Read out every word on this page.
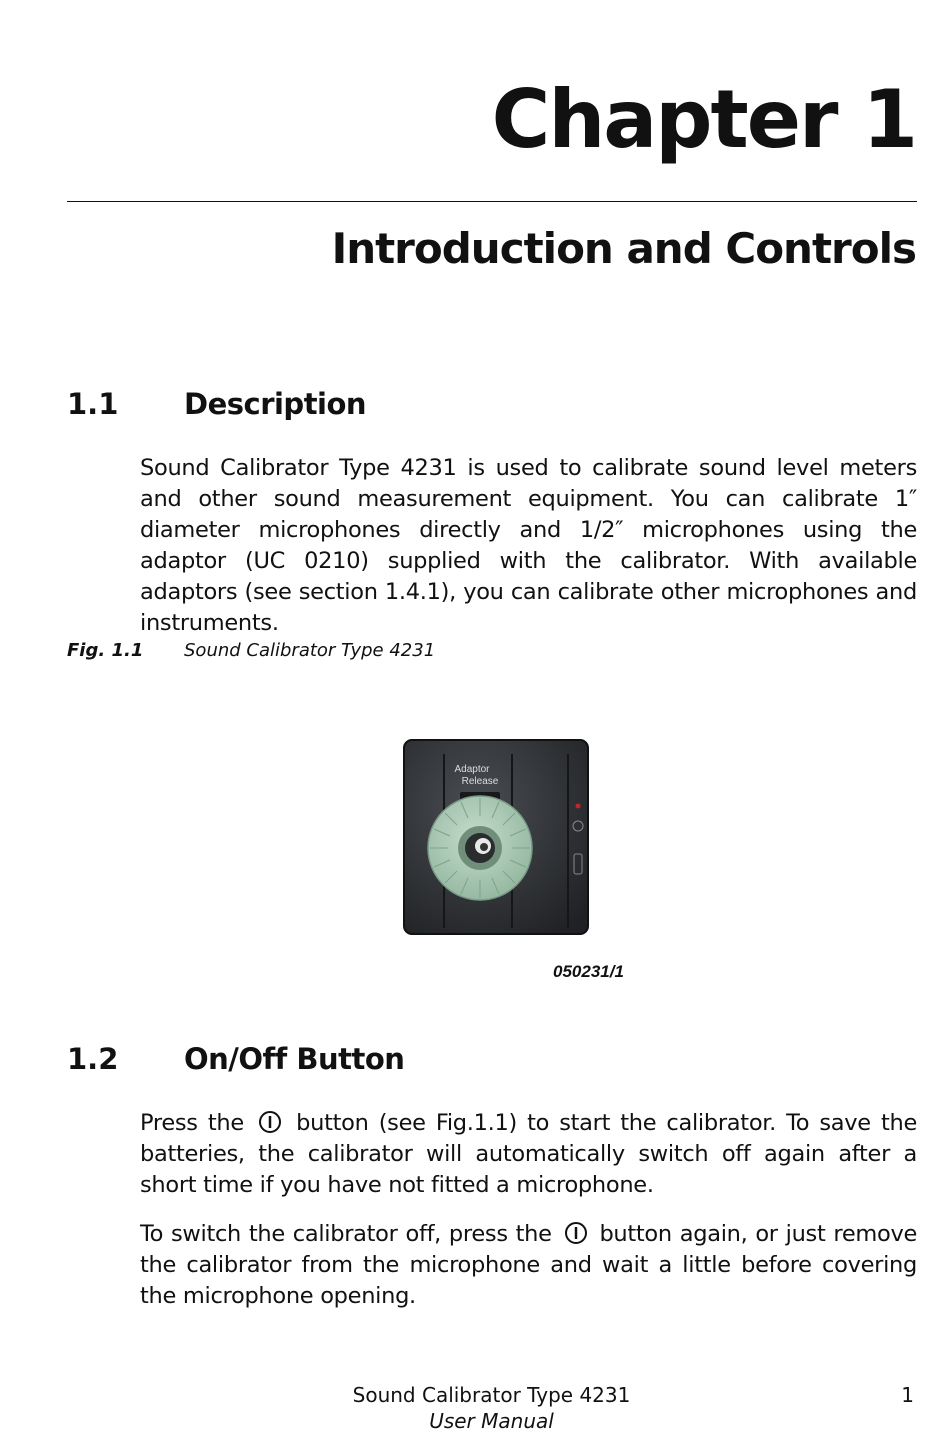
Chapter 1
Introduction and Controls
1.1 Description
Sound Calibrator Type 4231 is used to calibrate sound level meters and other sound measurement equipment. You can calibrate 1″ diameter microphones directly and 1/2″ microphones using the adaptor (UC 0210) supplied with the calibrator. With available adaptors (see section 1.4.1), you can calibrate other microphones and instruments.
Fig. 1.1 Sound Calibrator Type 4231
Adaptor
Release
050231/1
1.2 On/Off Button
Press the button (see Fig.1.1) to start the calibrator. To save the batteries, the calibrator will automatically switch off again after a short time if you have not fitted a microphone.
To switch the calibrator off, press the button again, or just remove the calibrator from the microphone and wait a little before covering the microphone opening.
Sound Calibrator Type 4231
User Manual
1
